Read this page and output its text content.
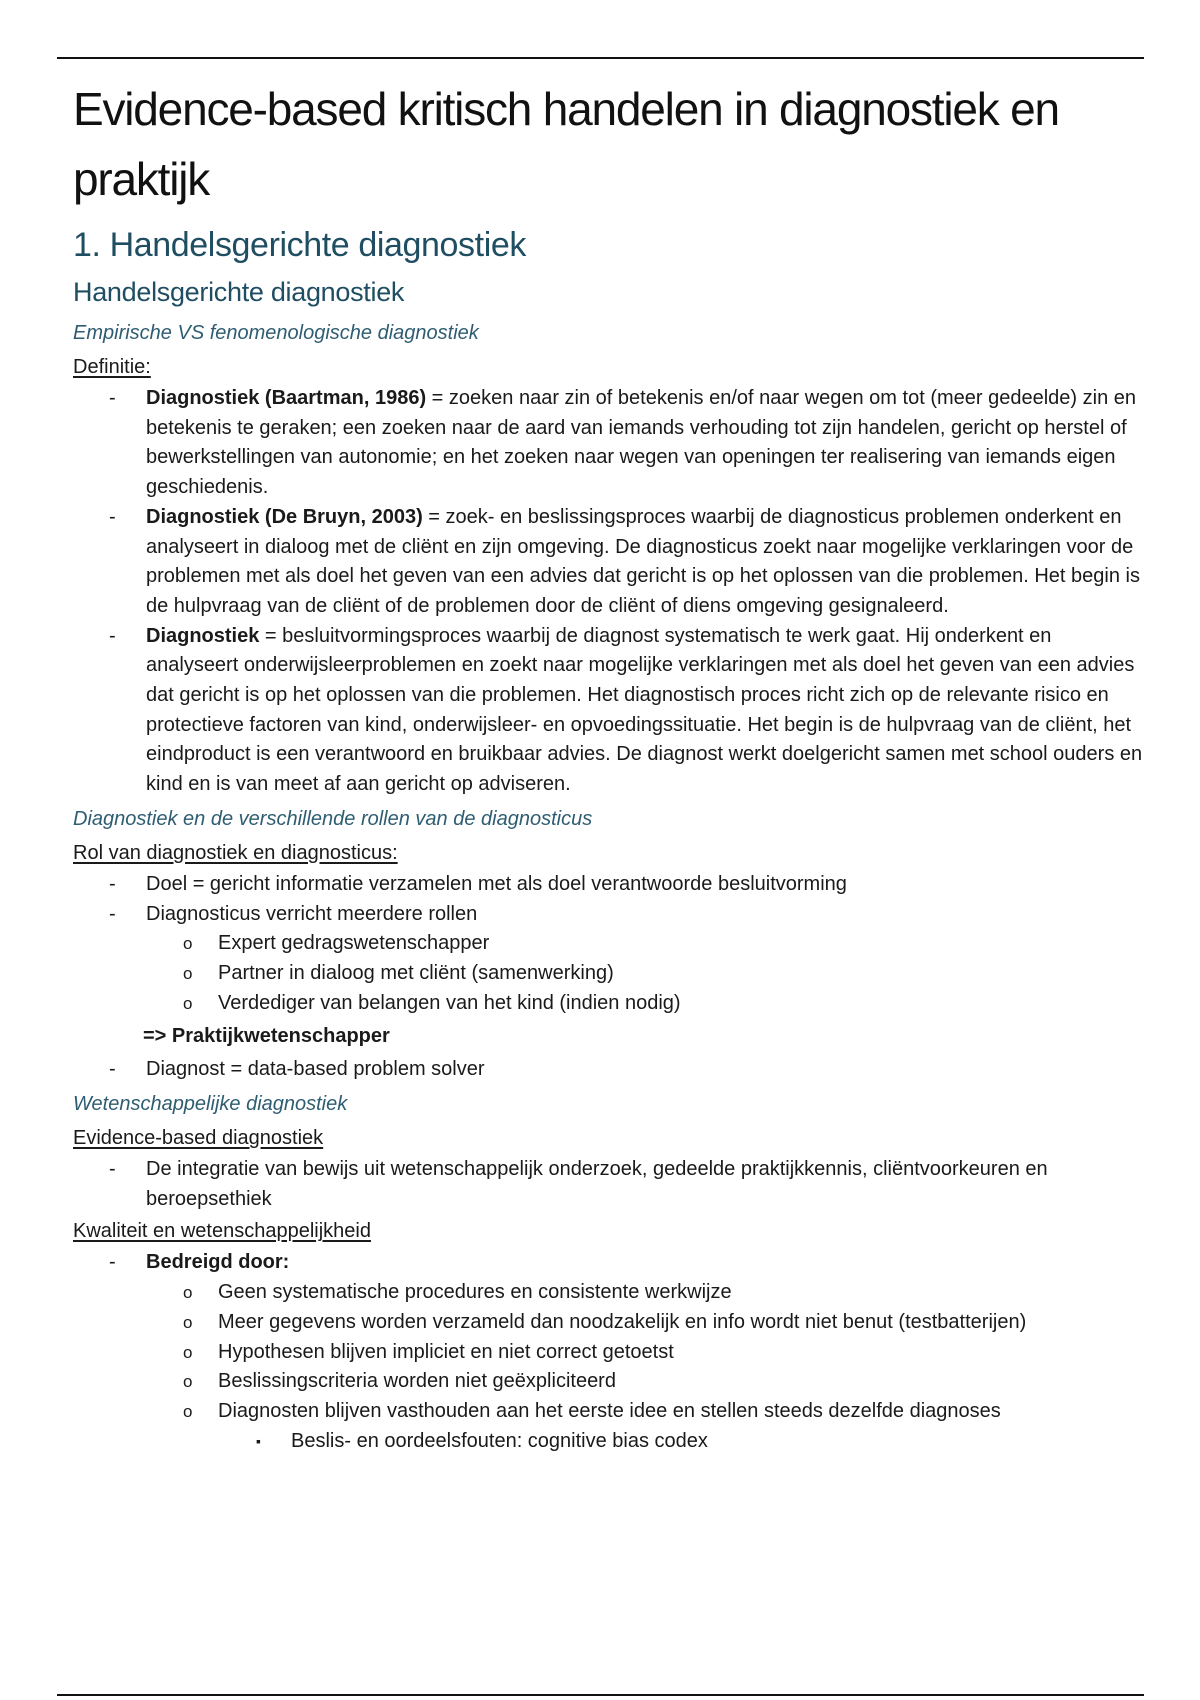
Evidence-based kritisch handelen in diagnostiek en praktijk
1. Handelsgerichte diagnostiek
Handelsgerichte diagnostiek
Empirische VS fenomenologische diagnostiek
Definitie:
- Diagnostiek (Baartman, 1986) = zoeken naar zin of betekenis en/of naar wegen om tot (meer gedeelde) zin en betekenis te geraken; een zoeken naar de aard van iemands verhouding tot zijn handelen, gericht op herstel of bewerkstellingen van autonomie; en het zoeken naar wegen van openingen ter realisering van iemands eigen geschiedenis.
- Diagnostiek (De Bruyn, 2003) = zoek- en beslissingsproces waarbij de diagnosticus problemen onderkent en analyseert in dialoog met de cliënt en zijn omgeving. De diagnosticus zoekt naar mogelijke verklaringen voor de problemen met als doel het geven van een advies dat gericht is op het oplossen van die problemen. Het begin is de hulpvraag van de cliënt of de problemen door de cliënt of diens omgeving gesignaleerd.
- Diagnostiek = besluitvormingsproces waarbij de diagnost systematisch te werk gaat. Hij onderkent en analyseert onderwijsleerproblemen en zoekt naar mogelijke verklaringen met als doel het geven van een advies dat gericht is op het oplossen van die problemen. Het diagnostisch proces richt zich op de relevante risico en protectieve factoren van kind, onderwijsleer- en opvoedingssituatie. Het begin is de hulpvraag van de cliënt, het eindproduct is een verantwoord en bruikbaar advies. De diagnost werkt doelgericht samen met school ouders en kind en is van meet af aan gericht op adviseren.
Diagnostiek en de verschillende rollen van de diagnosticus
Rol van diagnostiek en diagnosticus:
- Doel = gericht informatie verzamelen met als doel verantwoorde besluitvorming
- Diagnosticus verricht meerdere rollen
o Expert gedragswetenschapper
o Partner in dialoog met cliënt (samenwerking)
o Verdediger van belangen van het kind (indien nodig)
=> Praktijkwetenschapper
- Diagnost = data-based problem solver
Wetenschappelijke diagnostiek
Evidence-based diagnostiek
- De integratie van bewijs uit wetenschappelijk onderzoek, gedeelde praktijkkennis, cliëntvoorkeuren en beroepsethiek
Kwaliteit en wetenschappelijkheid
- Bedreigd door:
o Geen systematische procedures en consistente werkwijze
o Meer gegevens worden verzameld dan noodzakelijk en info wordt niet benut (testbatterijen)
o Hypothesen blijven impliciet en niet correct getoetst
o Beslissingscriteria worden niet geëxpliciteerd
o Diagnosten blijven vasthouden aan het eerste idee en stellen steeds dezelfde diagnoses
▪ Beslis- en oordeelsfouten: cognitive bias codex
